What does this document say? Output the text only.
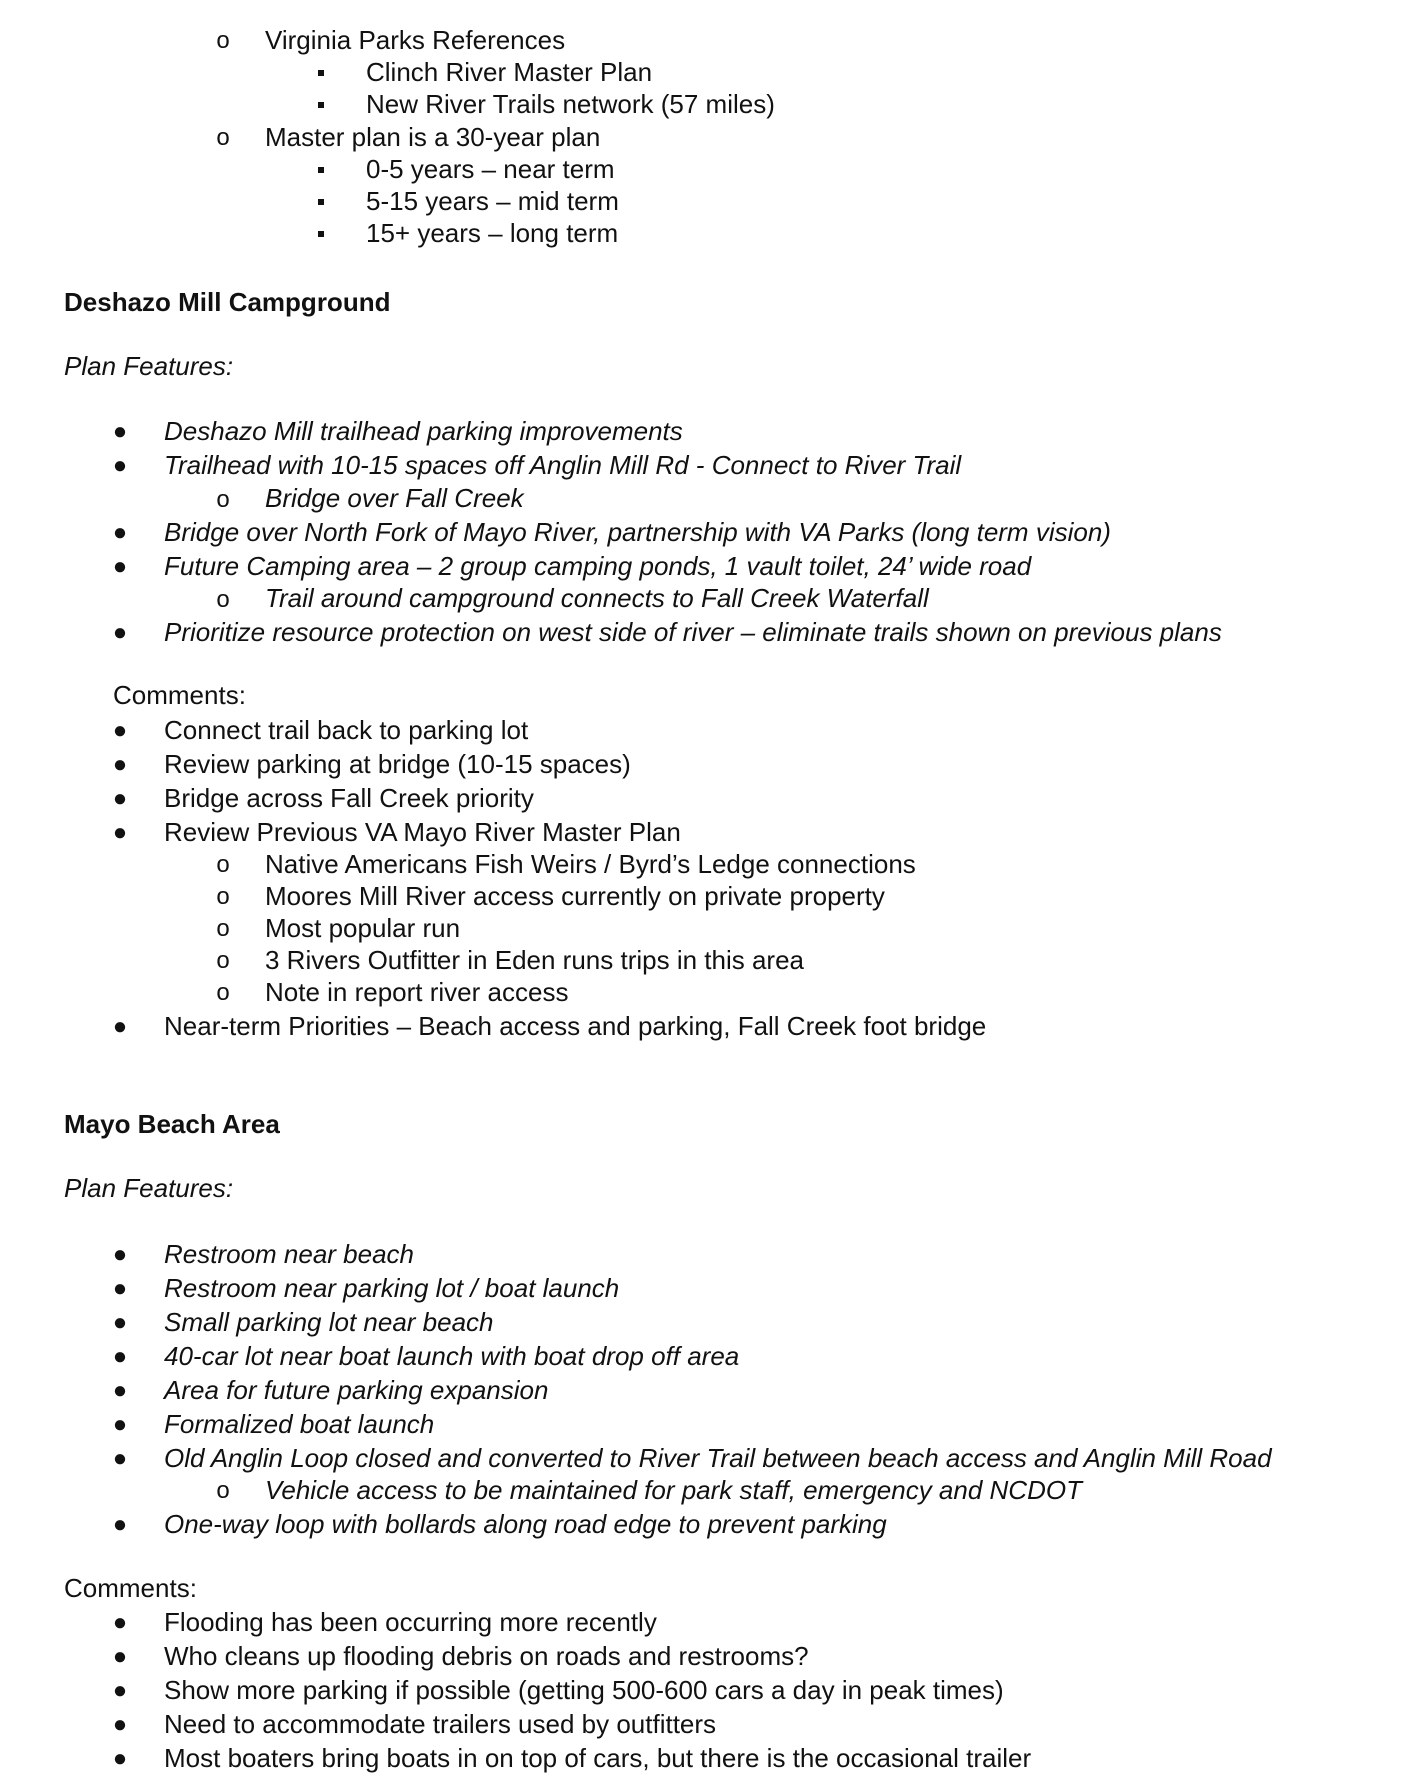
o Virginia Parks References
Clinch River Master Plan
New River Trails network (57 miles)
o Master plan is a 30-year plan
0-5 years – near term
5-15 years – mid term
15+ years – long term
Deshazo Mill Campground
Plan Features:
● Deshazo Mill trailhead parking improvements
● Trailhead with 10-15 spaces off Anglin Mill Rd - Connect to River Trail
o Bridge over Fall Creek
● Bridge over North Fork of Mayo River, partnership with VA Parks (long term vision)
● Future Camping area – 2 group camping ponds, 1 vault toilet, 24’ wide road
o Trail around campground connects to Fall Creek Waterfall
● Prioritize resource protection on west side of river – eliminate trails shown on previous plans
Comments:
● Connect trail back to parking lot
● Review parking at bridge (10-15 spaces)
● Bridge across Fall Creek priority
● Review Previous VA Mayo River Master Plan
o Native Americans Fish Weirs / Byrd’s Ledge connections
o Moores Mill River access currently on private property
o Most popular run
o 3 Rivers Outfitter in Eden runs trips in this area
o Note in report river access
● Near-term Priorities – Beach access and parking, Fall Creek foot bridge
Mayo Beach Area
Plan Features:
● Restroom near beach
● Restroom near parking lot / boat launch
● Small parking lot near beach
● 40-car lot near boat launch with boat drop off area
● Area for future parking expansion
● Formalized boat launch
● Old Anglin Loop closed and converted to River Trail between beach access and Anglin Mill Road
o Vehicle access to be maintained for park staff, emergency and NCDOT
● One-way loop with bollards along road edge to prevent parking
Comments:
● Flooding has been occurring more recently
● Who cleans up flooding debris on roads and restrooms?
● Show more parking if possible (getting 500-600 cars a day in peak times)
● Need to accommodate trailers used by outfitters
● Most boaters bring boats in on top of cars, but there is the occasional trailer
